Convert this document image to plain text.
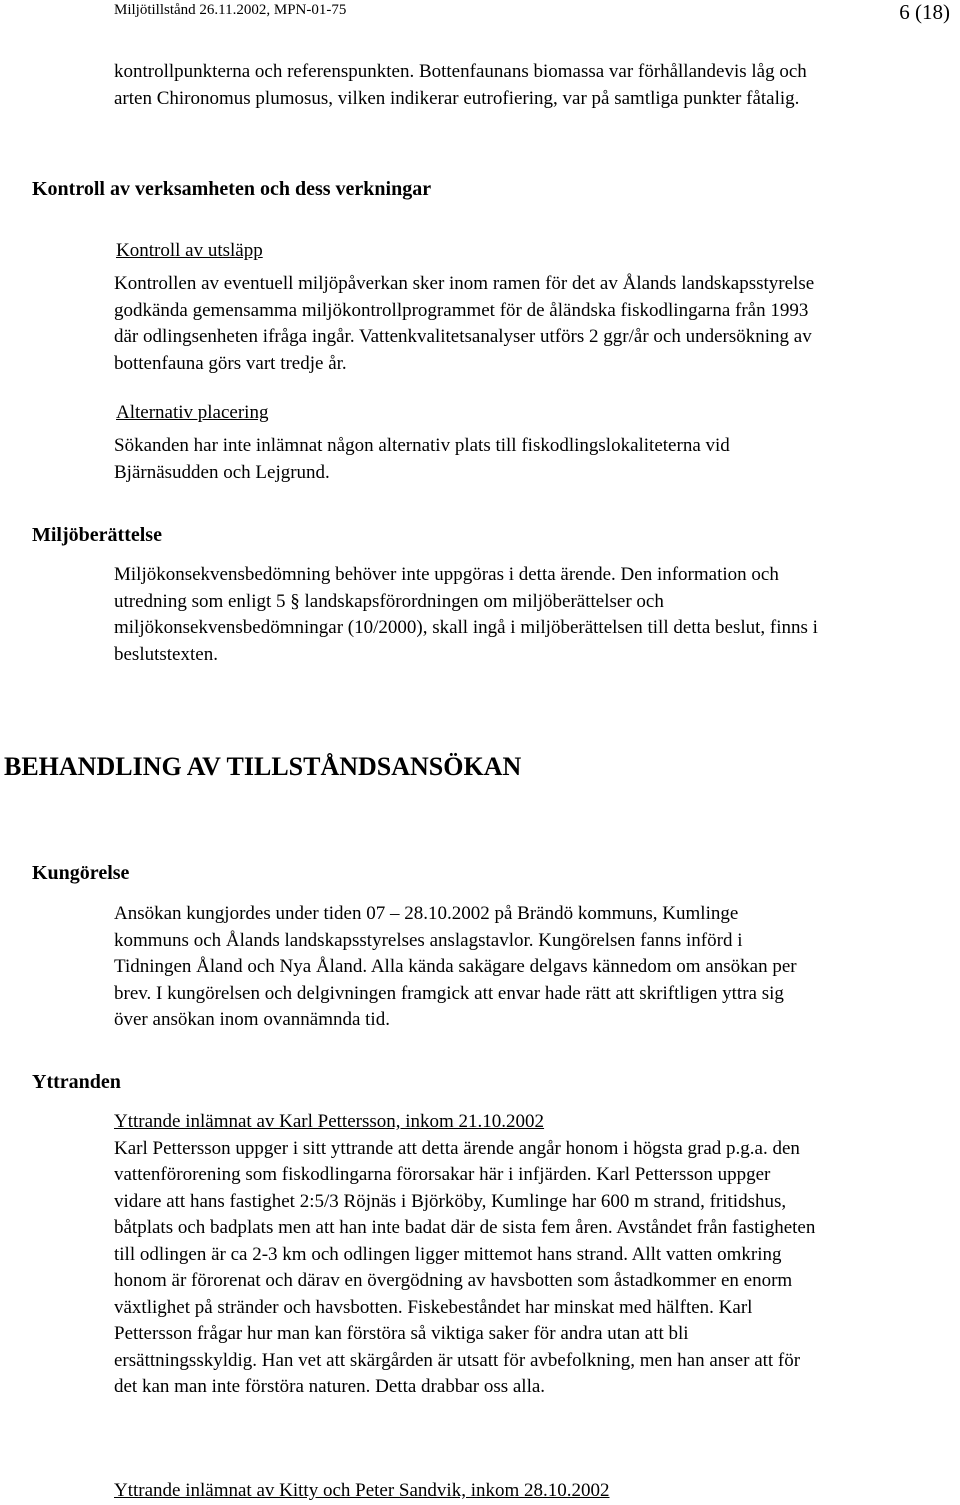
Miljötillstånd 26.11.2002, MPN-01-75	6 (18)
kontrollpunkterna och referenspunkten. Bottenfaunans biomassa var förhållandevis låg och
arten Chironomus plumosus, vilken indikerar eutrofiering, var på samtliga punkter fåtalig.
Kontroll av verksamheten och dess verkningar
Kontroll av utsläpp
Kontrollen av eventuell miljöpåverkan sker inom ramen för det av Ålands landskapsstyrelse
godkända gemensamma miljökontrollprogrammet för de åländska fiskodlingarna från 1993
där odlingsenheten ifråga ingår. Vattenkvalitetsanalyser utförs 2 ggr/år och undersökning av
bottenfauna görs vart tredje år.
Alternativ placering
Sökanden har inte inlämnat någon alternativ plats till fiskodlingslokaliteterna vid
Bjärnäsudden och Lejgrund.
Miljöberättelse
Miljökonsekvensbedömning behöver inte uppgöras i detta ärende. Den information och
utredning som enligt 5 § landskapsförordningen om miljöberättelser och
miljökonsekvensbedömningar (10/2000), skall ingå i miljöberättelsen till detta beslut, finns i
beslutstexten.
BEHANDLING AV TILLSTÅNDSANSÖKAN
Kungörelse
Ansökan kungjordes under tiden 07 – 28.10.2002 på Brändö kommuns, Kumlinge
kommuns och Ålands landskapsstyrelses anslagstavlor. Kungörelsen fanns införd i
Tidningen Åland och Nya Åland. Alla kända sakägare delgavs kännedom om ansökan per
brev. I kungörelsen och delgivningen framgick att envar hade rätt att skriftligen yttra sig
över ansökan inom ovannämnda tid.
Yttranden
Yttrande inlämnat av Karl Pettersson, inkom 21.10.2002
Karl Pettersson uppger i sitt yttrande att detta ärende angår honom i högsta grad p.g.a. den
vattenförorening som fiskodlingarna förorsakar här i infjärden. Karl Pettersson uppger
vidare att hans fastighet 2:5/3 Röjnäs i Björköby, Kumlinge har 600 m strand, fritidshus,
båtplats och badplats men att han inte badat där de sista fem åren. Avståndet från fastigheten
till odlingen är ca 2-3 km och odlingen ligger mittemot hans strand. Allt vatten omkring
honom är förorenat och därav en övergödning av havsbotten som åstadkommer en enorm
växtlighet på stränder och havsbotten. Fiskebeståndet har minskat med hälften. Karl
Pettersson frågar hur man kan förstöra så viktiga saker för andra utan att bli
ersättningsskyldig. Han vet att skärgården är utsatt för avbefolkning, men han anser att för
det kan man inte förstöra naturen. Detta drabbar oss alla.
Yttrande inlämnat av Kitty och Peter Sandvik, inkom 28.10.2002
